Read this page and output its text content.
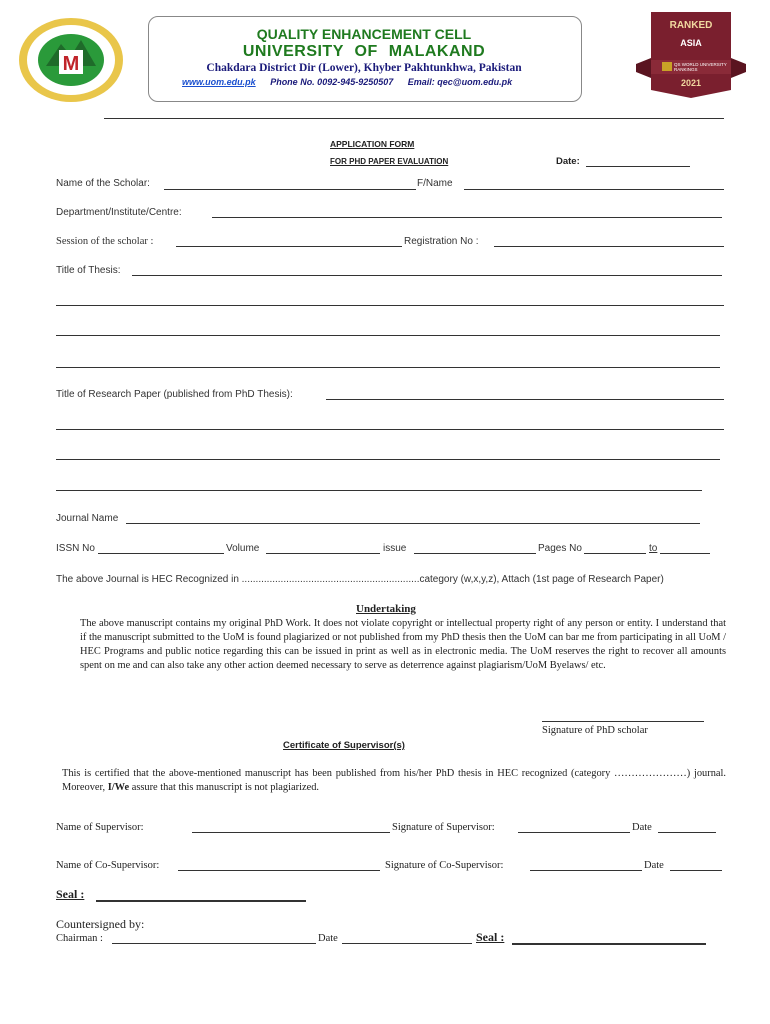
M
QUALITY ENHANCEMENT CELL
UNIVERSITY OF MALAKAND
Chakdara District Dir (Lower), Khyber Pakhtunkhwa, Pakistan
www.uom.edu.pk Phone No. 0092-945-9250507 Email: qec@uom.edu.pk
RANKED
ASIA
QS WORLD UNIVERSITY RANKINGS
2021
APPLICATION FORM
FOR PHD PAPER EVALUATION	Date:
Name of the Scholar:	F/Name
Department/Institute/Centre:
Session of the scholar :	Registration No :
Title of Thesis:
Title of Research Paper (published from PhD Thesis):
Journal Name
ISSN No	Volume	issue	Pages No	to
The above Journal is HEC Recognized in ................................................................category (w,x,y,z), Attach (1st page of Research Paper)
Undertaking
The above manuscript contains my original PhD Work. It does not violate copyright or intellectual property right of any person or entity. I understand that if the manuscript submitted to the UoM is found plagiarized or not published from my PhD thesis then the UoM can bar me from participating in all UoM / HEC Programs and public notice regarding this can be issued in print as well as in electronic media. The UoM reserves the right to recover all amounts spent on me and can also take any other action deemed necessary to serve as deterrence against plagiarism/UoM Byelaws/ etc.
Signature of PhD scholar
Certificate of Supervisor(s)
This is certified that the above-mentioned manuscript has been published from his/her PhD thesis in HEC recognized (category …………………) journal. Moreover, I/We assure that this manuscript is not plagiarized.
Name of Supervisor:	Signature of Supervisor:	Date
Name of Co-Supervisor:	Signature of Co-Supervisor:	Date
Seal :
Countersigned by:
Chairman :	Date	Seal :
